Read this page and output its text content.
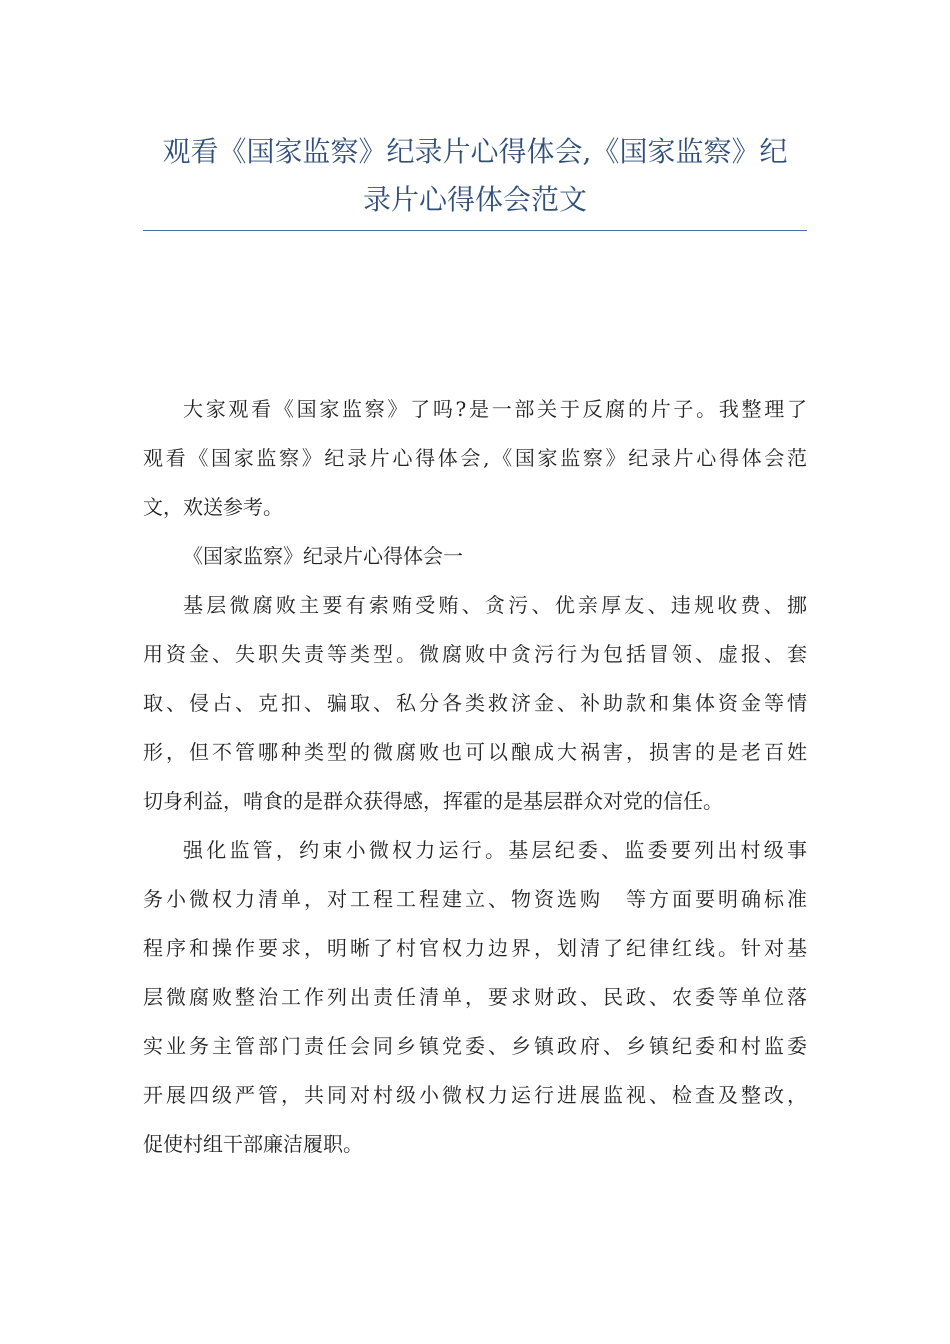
观看《国家监察》纪录片心得体会,《国家监察》纪
录片心得体会范文

大家观看《国家监察》了吗?是一部关于反腐的片子。我整理了
观看《国家监察》纪录片心得体会,《国家监察》纪录片心得体会范
文，欢送参考。

《国家监察》纪录片心得体会一

基层微腐败主要有索贿受贿、贪污、优亲厚友、违规收费、挪
用资金、失职失责等类型。微腐败中贪污行为包括冒领、虚报、套
取、侵占、克扣、骗取、私分各类救济金、补助款和集体资金等情
形，但不管哪种类型的微腐败也可以酿成大祸害，损害的是老百姓
切身利益，啃食的是群众获得感，挥霍的是基层群众对党的信任。

强化监管，约束小微权力运行。基层纪委、监委要列出村级事
务小微权力清单，对工程工程建立、物资选购　等方面要明确标准
程序和操作要求，明晰了村官权力边界，划清了纪律红线。针对基
层微腐败整治工作列出责任清单，要求财政、民政、农委等单位落
实业务主管部门责任会同乡镇党委、乡镇政府、乡镇纪委和村监委
开展四级严管，共同对村级小微权力运行进展监视、检查及整改，
促使村组干部廉洁履职。
